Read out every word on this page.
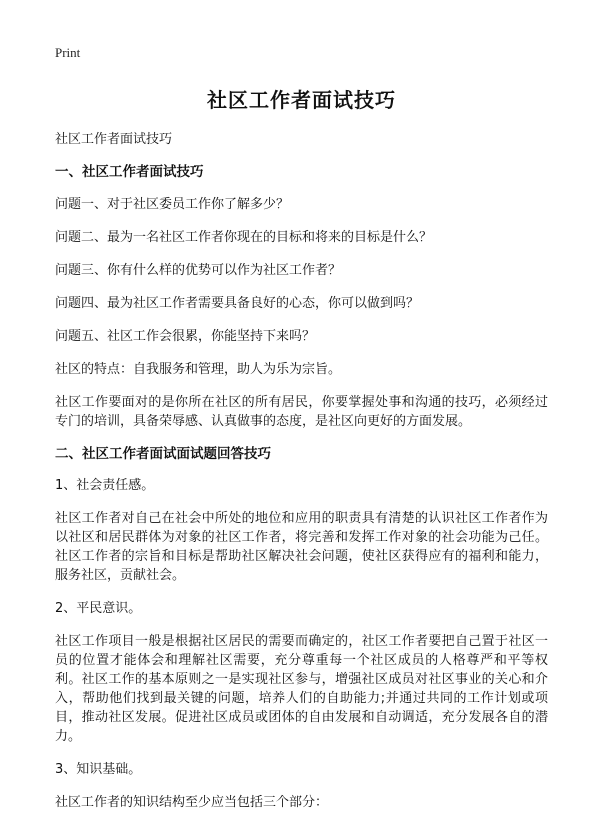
Print

社区工作者面试技巧

社区工作者面试技巧

一、社区工作者面试技巧

问题一、对于社区委员工作你了解多少？

问题二、最为一名社区工作者你现在的目标和将来的目标是什么？

问题三、你有什么样的优势可以作为社区工作者？

问题四、最为社区工作者需要具备良好的心态，你可以做到吗？

问题五、社区工作会很累，你能坚持下来吗？

社区的特点：自我服务和管理，助人为乐为宗旨。

社区工作要面对的是你所在社区的所有居民，你要掌握处事和沟通的技巧，必须经过专门的培训，具备荣辱感、认真做事的态度，是社区向更好的方面发展。

二、社区工作者面试面试题回答技巧

1、社会责任感。

社区工作者对自己在社会中所处的地位和应用的职责具有清楚的认识社区工作者作为以社区和居民群体为对象的社区工作者，将完善和发挥工作对象的社会功能为己任。社区工作者的宗旨和目标是帮助社区解决社会问题，使社区获得应有的福利和能力，服务社区，贡献社会。

2、平民意识。

社区工作项目一般是根据社区居民的需要而确定的，社区工作者要把自己置于社区一员的位置才能体会和理解社区需要，充分尊重每一个社区成员的人格尊严和平等权利。社区工作的基本原则之一是实现社区参与，增强社区成员对社区事业的关心和介入，帮助他们找到最关键的问题，培养人们的自助能力;并通过共同的工作计划或项目，推动社区发展。促进社区成员或团体的自由发展和自动调适，充分发展各自的潜力。

3、知识基础。

社区工作者的知识结构至少应当包括三个部分：
